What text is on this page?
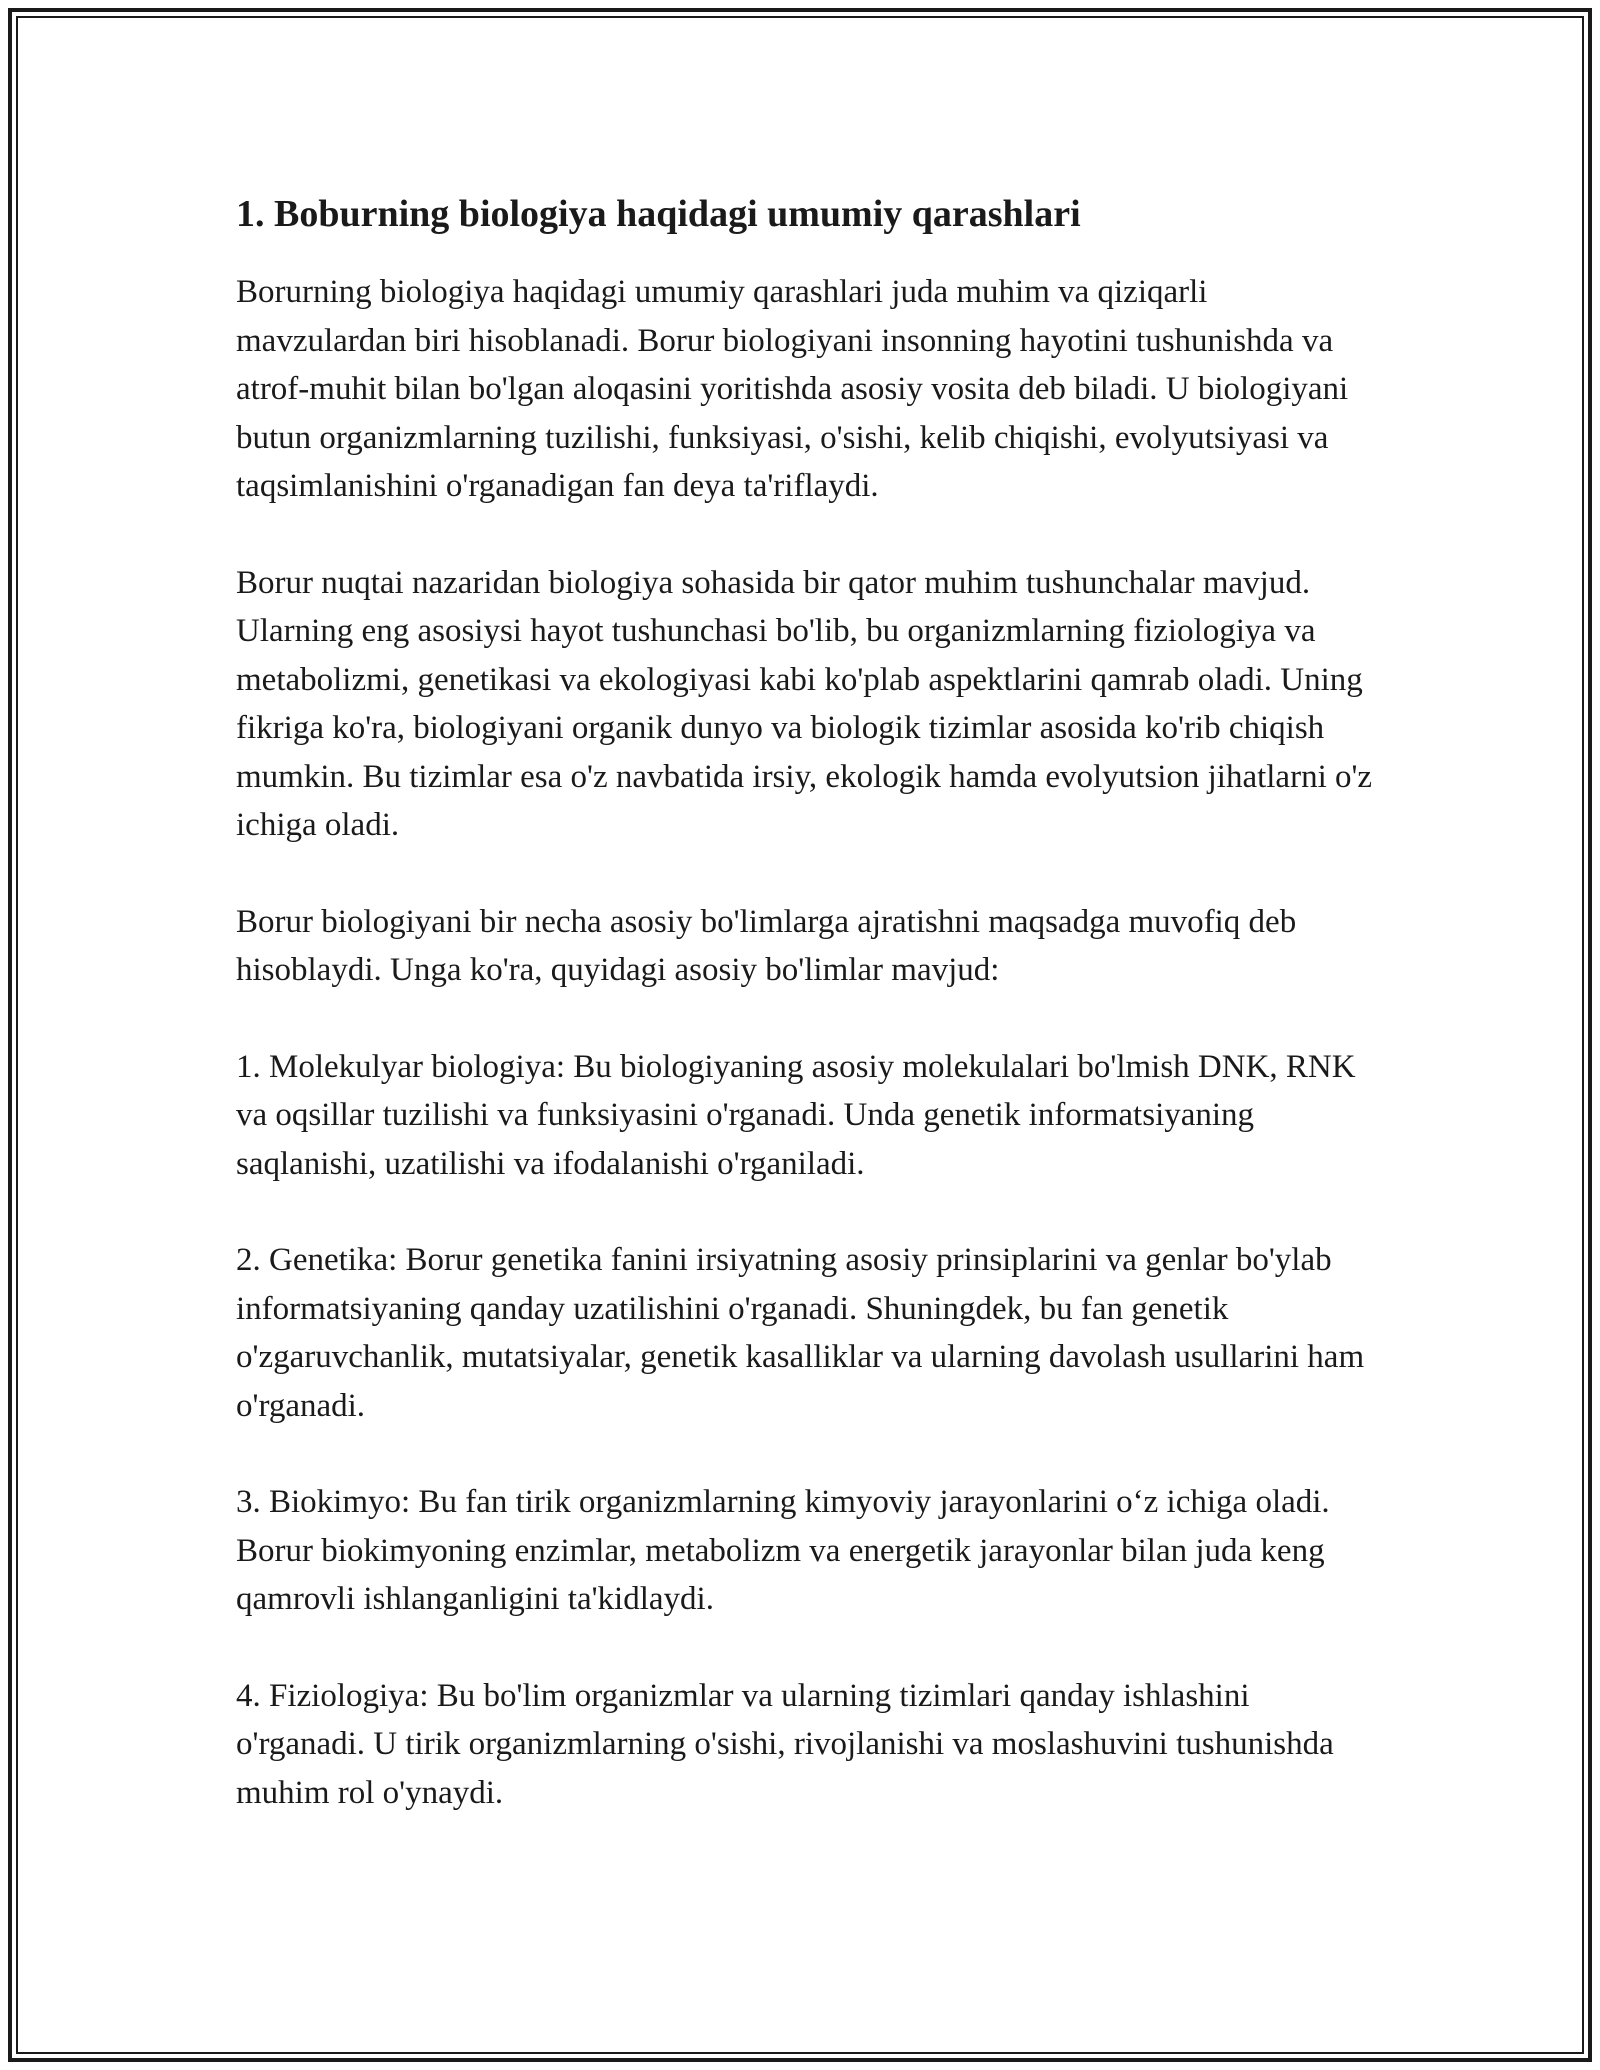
1. Boburning biologiya haqidagi umumiy qarashlari

Borurning biologiya haqidagi umumiy qarashlari juda muhim va qiziqarli mavzulardan biri hisoblanadi. Borur biologiyani insonning hayotini tushunishda va atrof-muhit bilan bo'lgan aloqasini yoritishda asosiy vosita deb biladi. U biologiyani butun organizmlarning tuzilishi, funksiyasi, o'sishi, kelib chiqishi, evolyutsiyasi va taqsimlanishini o'rganadigan fan deya ta'riflaydi.

Borur nuqtai nazaridan biologiya sohasida bir qator muhim tushunchalar mavjud. Ularning eng asosiysi hayot tushunchasi bo'lib, bu organizmlarning fiziologiya va metabolizmi, genetikasi va ekologiyasi kabi ko'plab aspektlarini qamrab oladi. Uning fikriga ko'ra, biologiyani organik dunyo va biologik tizimlar asosida ko'rib chiqish mumkin. Bu tizimlar esa o'z navbatida irsiy, ekologik hamda evolyutsion jihatlarni o'z ichiga oladi.

Borur biologiyani bir necha asosiy bo'limlarga ajratishni maqsadga muvofiq deb hisoblaydi. Unga ko'ra, quyidagi asosiy bo'limlar mavjud:

1. Molekulyar biologiya: Bu biologiyaning asosiy molekulalari bo'lmish DNK, RNK va oqsillar tuzilishi va funksiyasini o'rganadi. Unda genetik informatsiyaning saqlanishi, uzatilishi va ifodalanishi o'rganiladi.

2. Genetika: Borur genetika fanini irsiyatning asosiy prinsiplarini va genlar bo'ylab informatsiyaning qanday uzatilishini o'rganadi. Shuningdek, bu fan genetik o'zgaruvchanlik, mutatsiyalar, genetik kasalliklar va ularning davolash usullarini ham o'rganadi.

3. Biokimyo: Bu fan tirik organizmlarning kimyoviy jarayonlarini o‘z ichiga oladi. Borur biokimyoning enzimlar, metabolizm va energetik jarayonlar bilan juda keng qamrovli ishlanganligini ta'kidlaydi.

4. Fiziologiya: Bu bo'lim organizmlar va ularning tizimlari qanday ishlashini o'rganadi. U tirik organizmlarning o'sishi, rivojlanishi va moslashuvini tushunishda muhim rol o'ynaydi.
